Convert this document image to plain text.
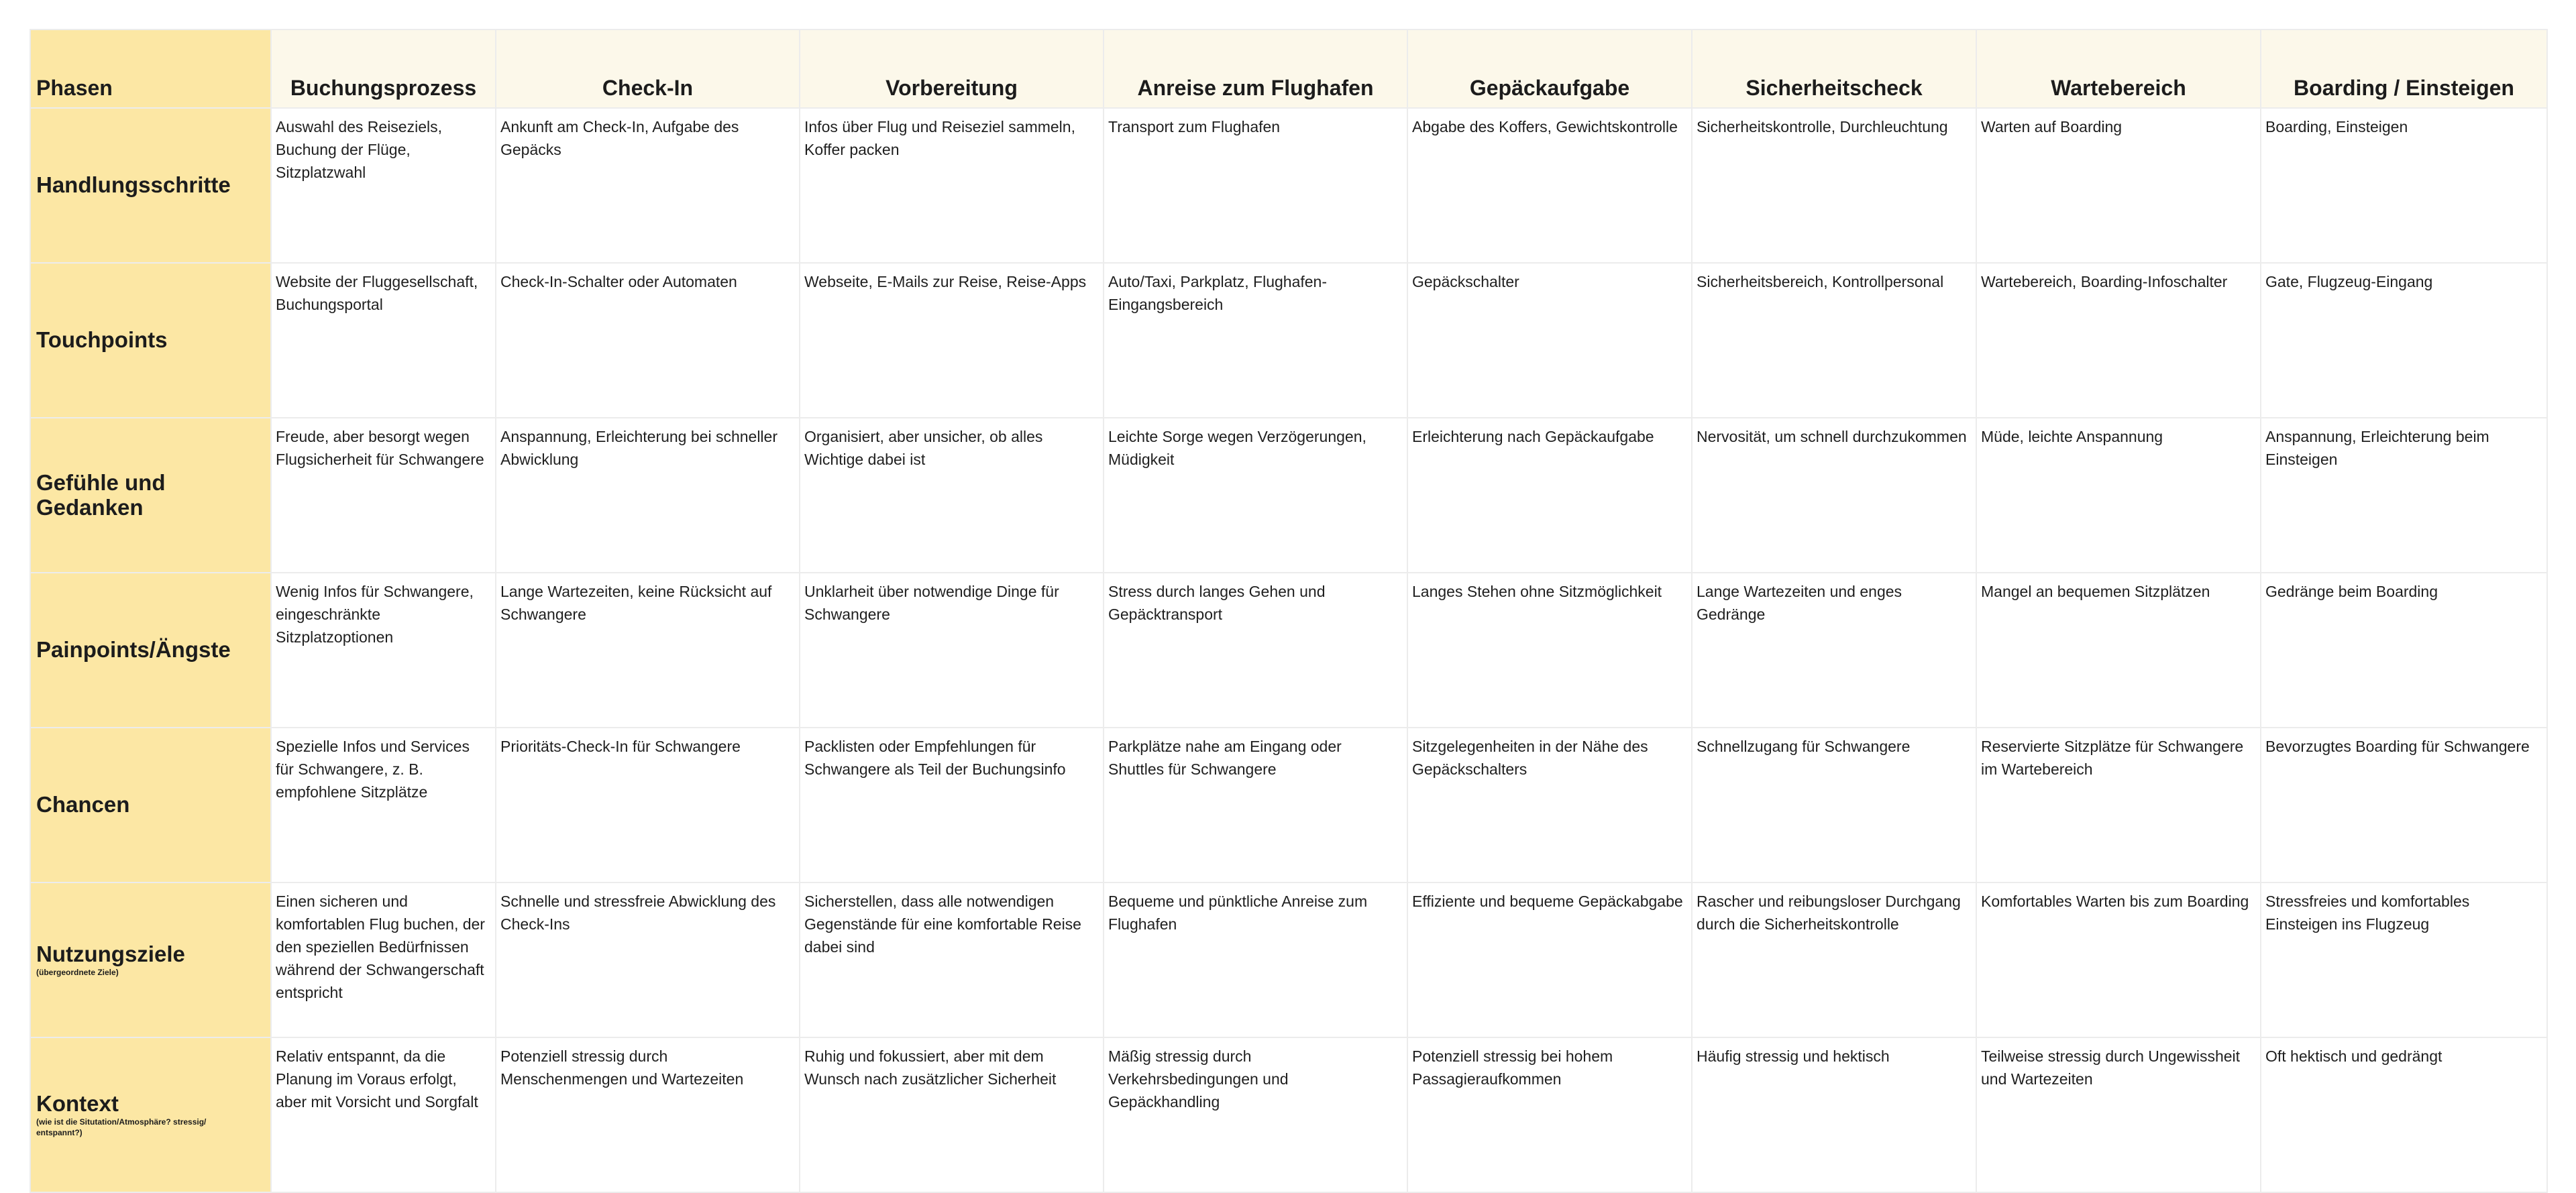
Phasen	Buchungsprozess	Check-In	Vorbereitung	Anreise zum Flughafen	Gepäckaufgabe	Sicherheitscheck	Wartebereich	Boarding / Einsteigen

Handlungsschritte	Auswahl des Reiseziels, Buchung der Flüge, Sitzplatzwahl	Ankunft am Check-In, Aufgabe des Gepäcks	Infos über Flug und Reiseziel sammeln, Koffer packen	Transport zum Flughafen	Abgabe des Koffers, Gewichtskontrolle	Sicherheitskontrolle, Durchleuchtung	Warten auf Boarding	Boarding, Einsteigen

Touchpoints	Website der Fluggesellschaft, Buchungsportal	Check-In-Schalter oder Automaten	Webseite, E-Mails zur Reise, Reise-Apps	Auto/Taxi, Parkplatz, Flughafen-Eingangsbereich	Gepäckschalter	Sicherheitsbereich, Kontrollpersonal	Wartebereich, Boarding-Infoschalter	Gate, Flugzeug-Eingang

Gefühle und Gedanken	Freude, aber besorgt wegen Flugsicherheit für Schwangere	Anspannung, Erleichterung bei schneller Abwicklung	Organisiert, aber unsicher, ob alles Wichtige dabei ist	Leichte Sorge wegen Verzögerungen, Müdigkeit	Erleichterung nach Gepäckaufgabe	Nervosität, um schnell durchzukommen	Müde, leichte Anspannung	Anspannung, Erleichterung beim Einsteigen

Painpoints/Ängste	Wenig Infos für Schwangere, eingeschränkte Sitzplatzoptionen	Lange Wartezeiten, keine Rücksicht auf Schwangere	Unklarheit über notwendige Dinge für Schwangere	Stress durch langes Gehen und Gepäcktransport	Langes Stehen ohne Sitzmöglichkeit	Lange Wartezeiten und enges Gedränge	Mangel an bequemen Sitzplätzen	Gedränge beim Boarding

Chancen	Spezielle Infos und Services für Schwangere, z. B. empfohlene Sitzplätze	Prioritäts-Check-In für Schwangere	Packlisten oder Empfehlungen für Schwangere als Teil der Buchungsinfo	Parkplätze nahe am Eingang oder Shuttles für Schwangere	Sitzgelegenheiten in der Nähe des Gepäckschalters	Schnellzugang für Schwangere	Reservierte Sitzplätze für Schwangere im Wartebereich	Bevorzugtes Boarding für Schwangere

Nutzungsziele
(übergeordnete Ziele)	Einen sicheren und komfortablen Flug buchen, der den speziellen Bedürfnissen während der Schwangerschaft entspricht	Schnelle und stressfreie Abwicklung des Check-Ins	Sicherstellen, dass alle notwendigen Gegenstände für eine komfortable Reise dabei sind	Bequeme und pünktliche Anreise zum Flughafen	Effiziente und bequeme Gepäckabgabe	Rascher und reibungsloser Durchgang durch die Sicherheitskontrolle	Komfortables Warten bis zum Boarding	Stressfreies und komfortables Einsteigen ins Flugzeug

Kontext
(wie ist die Situtation/Atmosphäre? stressig/ entspannt?)	Relativ entspannt, da die Planung im Voraus erfolgt, aber mit Vorsicht und Sorgfalt	Potenziell stressig durch Menschenmengen und Wartezeiten	Ruhig und fokussiert, aber mit dem Wunsch nach zusätzlicher Sicherheit	Mäßig stressig durch Verkehrsbedingungen und Gepäckhandling	Potenziell stressig bei hohem Passagieraufkommen	Häufig stressig und hektisch	Teilweise stressig durch Ungewissheit und Wartezeiten	Oft hektisch und gedrängt
